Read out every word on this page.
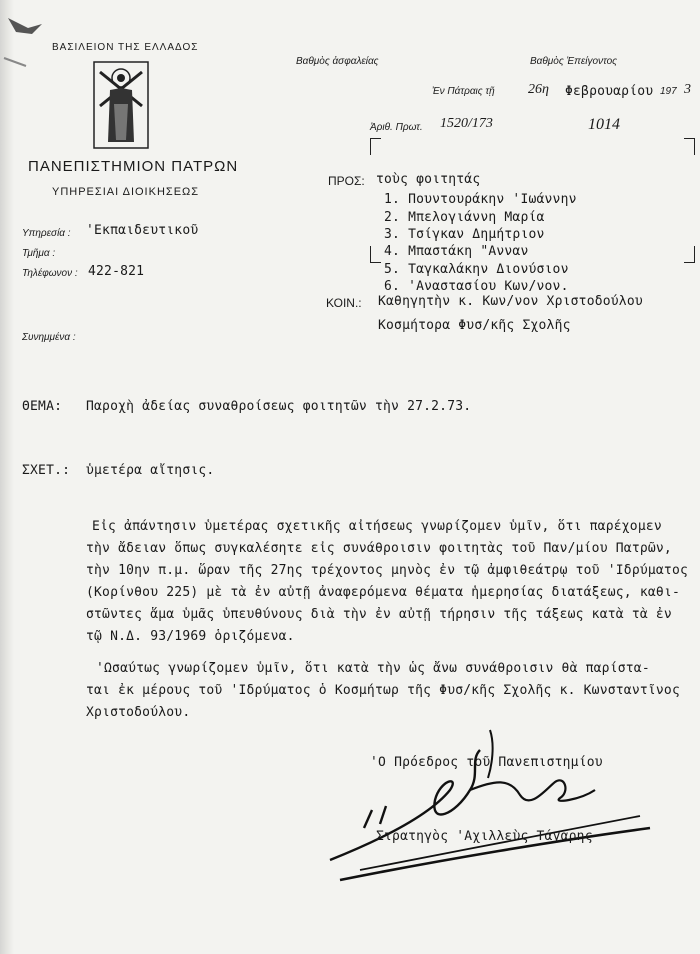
ΒΑΣΙΛΕΙΟΝ ΤΗΣ ΕΛΛΑΔΟΣ
ΠΑΝΕΠΙΣΤΗΜΙΟΝ ΠΑΤΡΩΝ
ΥΠΗΡΕΣΙΑΙ ΔΙΟΙΚΗΣΕΩΣ
Υπηρεσία : 'Εκπαιδευτικοῦ
Τμῆμα :
Τηλέφωνον : 422-821
Συνημμένα :
Βαθμὸς ἀσφαλείας	Βαθμὸς Ἐπείγοντος
Ἐν Πάτραις τῇ 26η Φεβρουαρίου 197 3
Ἀριθ. Πρωτ. 1520/173	1014
ΠΡΟΣ: τοὺς φοιτητάς
1. Πουντουράκην 'Ιωάννην
2. Μπελογιάννη Μαρία
3. Τσίγκαν Δημήτριον
4. Μπαστάκη "Ανναν
5. Ταγκαλάκην Διονύσιον
6. 'Αναστασίου Κων/νον.
ΚΟΙΝ.: Καθηγητὴν κ. Κων/νον Χριστοδούλου
Κοσμήτορα Φυσ/κῆς Σχολῆς
ΘΕΜΑ: Παροχὴ ἀδείας συναθροίσεως φοιτητῶν τὴν 27.2.73.
ΣΧΕΤ.: ὑμετέρα αἴτησις.
Εἰς ἀπάντησιν ὑμετέρας σχετικῆς αἰτήσεως γνωρίζομεν ὑμῖν, ὅτι παρέχομεν
τὴν ἄδειαν ὅπως συγκαλέσητε εἰς συνάθροισιν φοιτητὰς τοῦ Παν/μίου Πατρῶν,
τὴν 10ην π.μ. ὥραν τῆς 27ης τρέχοντος μηνὸς ἐν τῷ ἀμφιθεάτρῳ τοῦ 'Ιδρύματος
(Κορίνθου 225) μὲ τὰ ἐν αὐτῇ ἀναφερόμενα θέματα ἡμερησίας διατάξεως, καθι-
στῶντες ἅμα ὑμᾶς ὑπευθύνους διὰ τὴν ἐν αὐτῇ τήρησιν τῆς τάξεως κατὰ τὰ ἐν
τῷ Ν.Δ. 93/1969 ὁριζόμενα.
'Ωσαύτως γνωρίζομεν ὑμῖν, ὅτι κατὰ τὴν ὡς ἄνω συνάθροισιν θὰ παρίστα-
ται ἐκ μέρους τοῦ 'Ιδρύματος ὁ Κοσμήτωρ τῆς Φυσ/κῆς Σχολῆς κ. Κωνσταντῖνος
Χριστοδούλου.
'Ο Πρόεδρος τοῦ Πανεπιστημίου
Στρατηγὸς 'Αχιλλεὺς Τάγαρης
